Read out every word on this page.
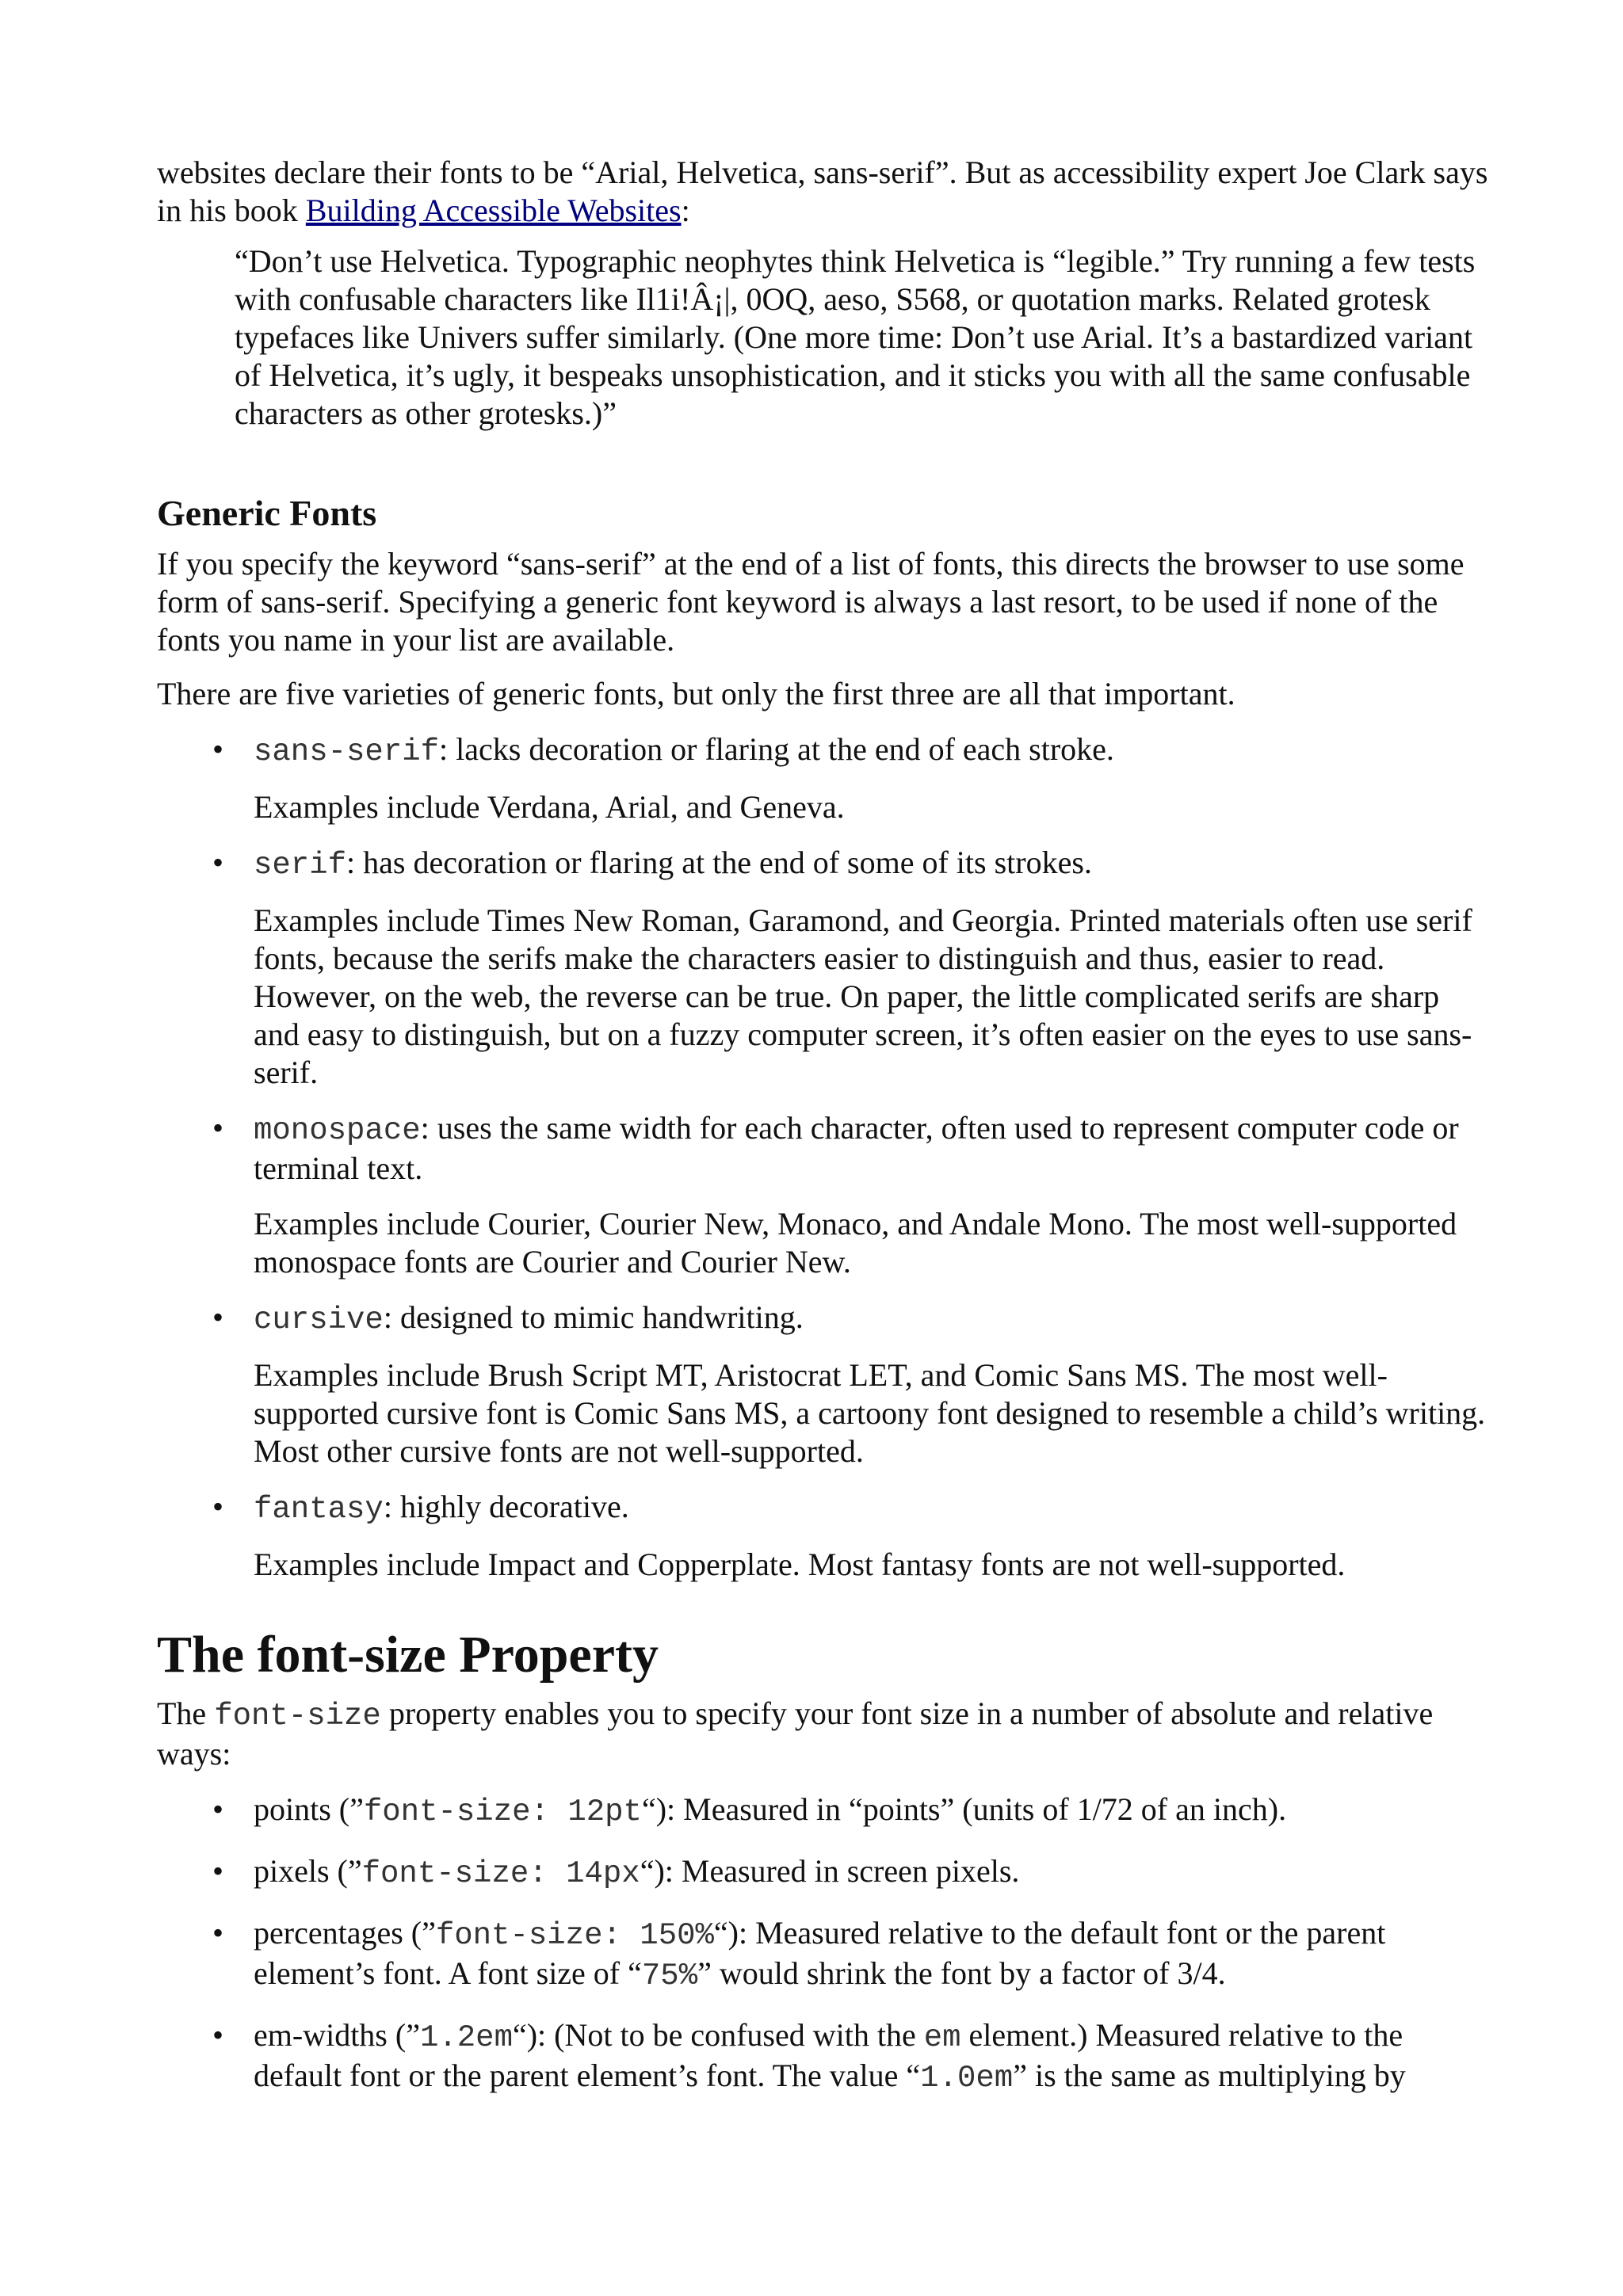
websites declare their fonts to be “Arial, Helvetica, sans-serif”. But as accessibility expert Joe Clark says in his book Building Accessible Websites:

“Don’t use Helvetica. Typographic neophytes think Helvetica is “legible.” Try running a few tests with confusable characters like Il1i!Â¡|, 0OQ, aeso, S568, or quotation marks. Related grotesk typefaces like Univers suffer similarly. (One more time: Don’t use Arial. It’s a bastardized variant of Helvetica, it’s ugly, it bespeaks unsophistication, and it sticks you with all the same confusable characters as other grotesks.)”

Generic Fonts

If you specify the keyword “sans-serif” at the end of a list of fonts, this directs the browser to use some form of sans-serif. Specifying a generic font keyword is always a last resort, to be used if none of the fonts you name in your list are available.

There are five varieties of generic fonts, but only the first three are all that important.

• sans-serif: lacks decoration or flaring at the end of each stroke.

Examples include Verdana, Arial, and Geneva.

• serif: has decoration or flaring at the end of some of its strokes.

Examples include Times New Roman, Garamond, and Georgia. Printed materials often use serif fonts, because the serifs make the characters easier to distinguish and thus, easier to read. However, on the web, the reverse can be true. On paper, the little complicated serifs are sharp and easy to distinguish, but on a fuzzy computer screen, it’s often easier on the eyes to use sans-serif.

• monospace: uses the same width for each character, often used to represent computer code or terminal text.

Examples include Courier, Courier New, Monaco, and Andale Mono. The most well-supported monospace fonts are Courier and Courier New.

• cursive: designed to mimic handwriting.

Examples include Brush Script MT, Aristocrat LET, and Comic Sans MS. The most well-supported cursive font is Comic Sans MS, a cartoony font designed to resemble a child’s writing. Most other cursive fonts are not well-supported.

• fantasy: highly decorative.

Examples include Impact and Copperplate. Most fantasy fonts are not well-supported.

The font-size Property

The font-size property enables you to specify your font size in a number of absolute and relative ways:

• points (”font-size: 12pt“): Measured in “points” (units of 1/72 of an inch).
• pixels (”font-size: 14px“): Measured in screen pixels.
• percentages (”font-size: 150%“): Measured relative to the default font or the parent element’s font. A font size of “75%” would shrink the font by a factor of 3/4.
• em-widths (”1.2em“): (Not to be confused with the em element.) Measured relative to the default font or the parent element’s font. The value “1.0em” is the same as multiplying by
